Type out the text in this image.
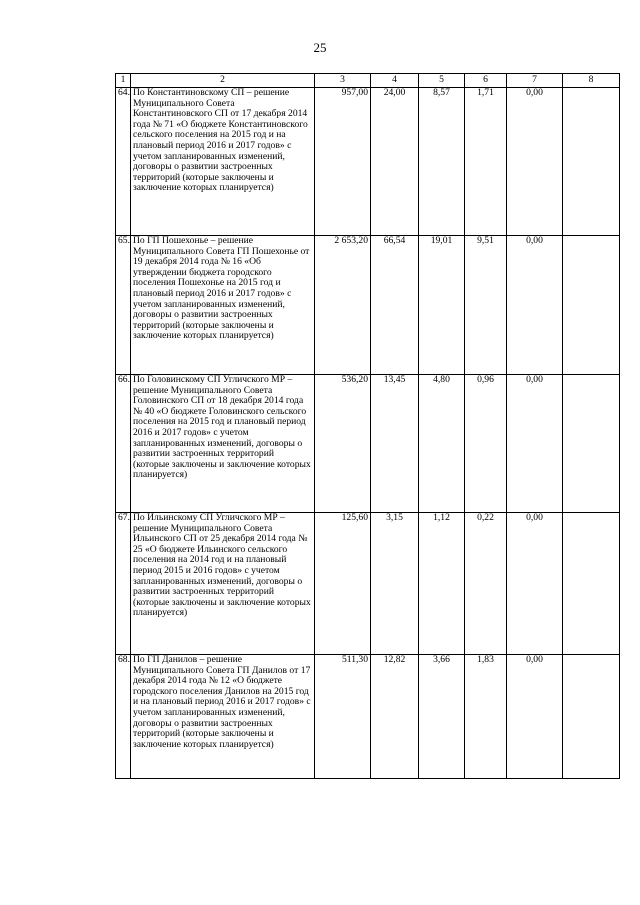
25
1	2	3	4	5	6	7	8
64.	По Константиновскому СП – решение Муниципального Совета Константиновского СП от 17 декабря 2014 года № 71 «О бюджете Константиновского сельского поселения на 2015 год и на плановый период 2016 и 2017 годов» с учетом запланированных изменений, договоры о развитии застроенных территорий (которые заключены и заключение которых планируется)	957,00	24,00	8,57	1,71	0,00	
65.	По ГП Пошехонье – решение Муниципального Совета ГП Пошехонье от 19 декабря 2014 года № 16 «Об утверждении бюджета городского поселения Пошехонье на 2015 год и плановый период 2016 и 2017 годов» с учетом запланированных изменений, договоры о развитии застроенных территорий (которые заключены и заключение которых планируется)	2 653,20	66,54	19,01	9,51	0,00	
66.	По Головинскому СП Угличского МР – решение Муниципального Совета Головинского СП от 18 декабря 2014 года № 40 «О бюджете Головинского сельского поселения на 2015 год и плановый период 2016 и 2017 годов» с учетом запланированных изменений, договоры о развитии застроенных территорий (которые заключены и заключение которых планируется)	536,20	13,45	4,80	0,96	0,00	
67.	По Ильинскому СП Угличского МР – решение Муниципального Совета Ильинского СП от 25 декабря 2014 года № 25 «О бюджете Ильинского сельского поселения на 2014 год и на плановый период 2015 и 2016 годов» с учетом запланированных изменений, договоры о развитии застроенных территорий (которые заключены и заключение которых планируется)	125,60	3,15	1,12	0,22	0,00	
68.	По ГП Данилов – решение Муниципального Совета ГП Данилов от 17 декабря 2014 года № 12 «О бюджете городского поселения Данилов на 2015 год и на плановый период 2016 и 2017 годов» с учетом запланированных изменений, договоры о развитии застроенных территорий (которые заключены и заключение которых планируется)	511,30	12,82	3,66	1,83	0,00	
